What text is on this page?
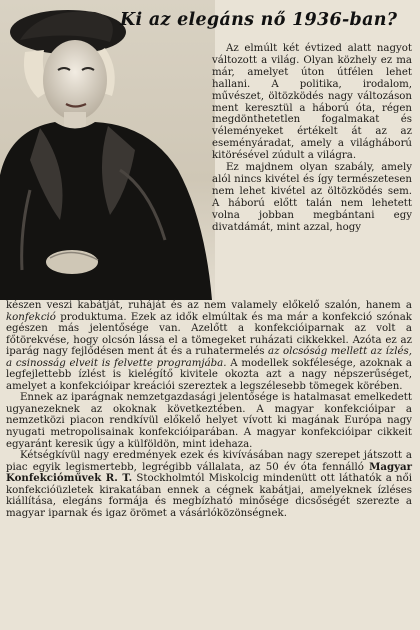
Ki az elegáns nő 1936-ban?

Az elmúlt két évtized alatt nagyot változott a világ. Olyan közhely ez ma már, amelyet úton útfélen lehet hallani. A politika, irodalom, művészet, öltözködés nagy változáson ment keresztül a háború óta, régen megdönthetetlen fogalmakat és véleményeket értékelt át az az eseményáradat, amely a világháború kitörésével zúdult a világra.

Ez majdnem olyan szabály, amely alól nincs kivétel és így természetesen nem lehet kivétel az öltözködés sem. A háború előtt talán nem lehetett volna jobban megbántani egy divatdámát, mint azzal, hogy

készen veszi kabátját, ruháját és az nem valamely előkelő szalón, hanem a konfekció produktuma. Ezek az idők elmúltak és ma már a konfekció szónak egészen más jelentősége van. Azelőtt a konfekcióiparnak az volt a főtörekvése, hogy olcsón lássa el a tömegeket ruházati cikkekkel. Azóta ez az iparág nagy fejlődésen ment át és a ruhatermelés az olcsóság mellett az ízlés, a csinosság elveit is felvette programjába. A modellek sokfélesége, azoknak a legfejlettebb ízlést is kielégítő kivitele okozta azt a nagy népszerűséget, amelyet a konfekcióipar kreációi szereztek a legszélesebb tömegek körében.

Ennek az iparágnak nemzetgazdasági jelentősége is hatalmasat emelkedett ugyanezeknek az okoknak következtében. A magyar konfekcióipar a nemzetközi piacon rendkívül előkelő helyet vívott ki magának Európa nagy nyugati metropolisainak konfekcióiparában. A magyar konfekcióipar cikkeit egyaránt keresik úgy a külföldön, mint idehaza.

Kétségkívül nagy eredmények ezek és kivívásában nagy szerepet játszott a piac egyik legismertebb, legrégibb vállalata, az 50 év óta fennálló Magyar Konfekcióművek R. T. Stockholmtól Miskolcig mindenütt ott láthatók a női konfekcióüzletek kirakatában ennek a cégnek kabátjai, amelyeknek ízléses kiállítása, elegáns formája és megbízható minősége dicsőségét szerezte a magyar iparnak és igaz örömet a vásárlóközönségnek.
